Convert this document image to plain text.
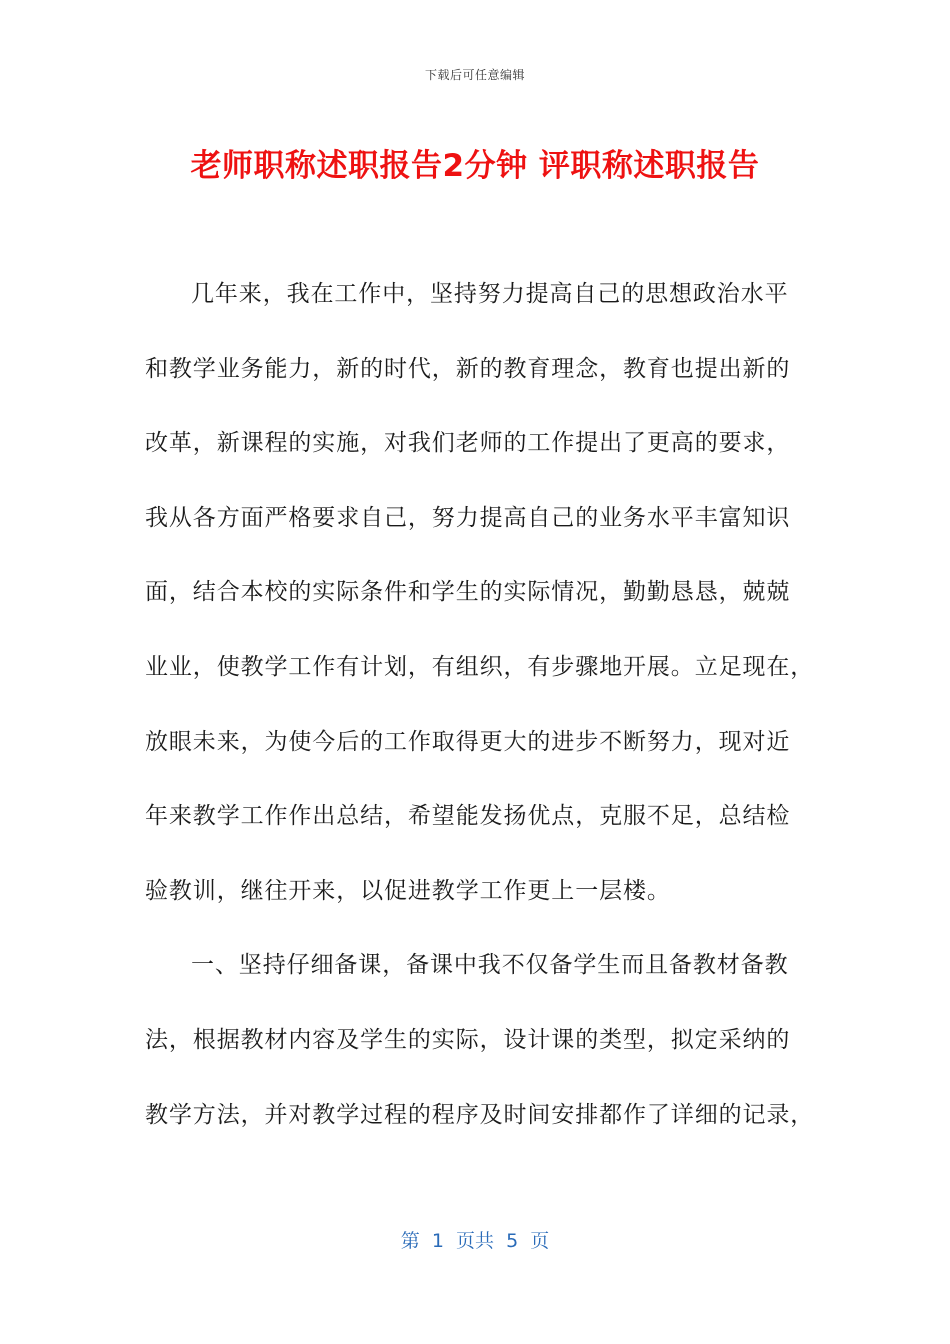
下载后可任意编辑
老师职称述职报告2分钟 评职称述职报告
几年来，我在工作中，坚持努力提高自己的思想政治水平
和教学业务能力，新的时代，新的教育理念，教育也提出新的
改革，新课程的实施，对我们老师的工作提出了更高的要求，
我从各方面严格要求自己，努力提高自己的业务水平丰富知识
面，结合本校的实际条件和学生的实际情况，勤勤恳恳，兢兢
业业，使教学工作有计划，有组织，有步骤地开展。立足现在，
放眼未来，为使今后的工作取得更大的进步不断努力，现对近
年来教学工作作出总结，希望能发扬优点，克服不足，总结检
验教训，继往开来，以促进教学工作更上一层楼。
一、坚持仔细备课，备课中我不仅备学生而且备教材备教
法，根据教材内容及学生的实际，设计课的类型，拟定采纳的
教学方法，并对教学过程的程序及时间安排都作了详细的记录，
第  1  页共  5  页
